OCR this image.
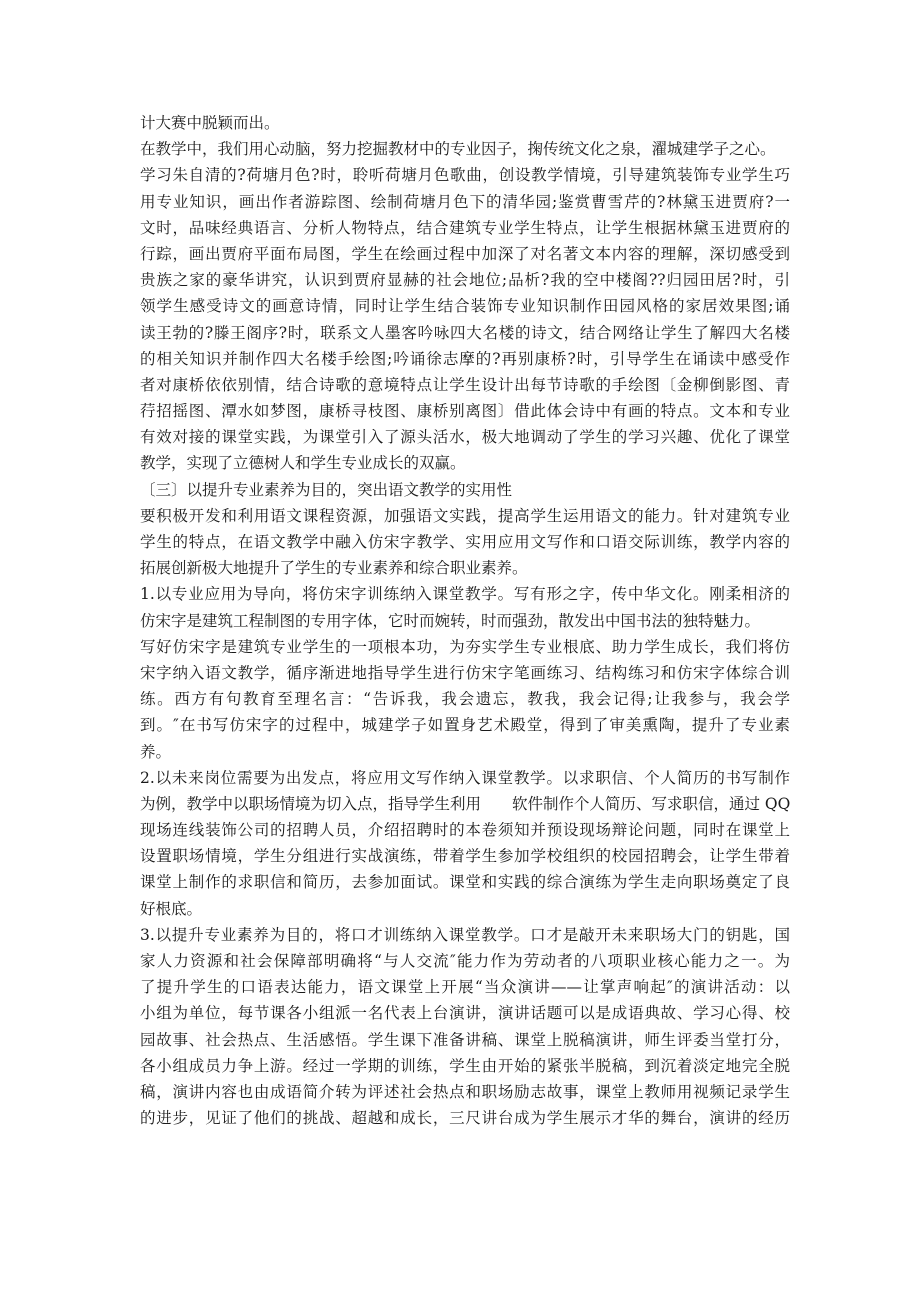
计大赛中脱颖而出。
在教学中，我们用心动脑，努力挖掘教材中的专业因子，掬传统文化之泉，濯城建学子之心。
学习朱自清的?荷塘月色?时，聆听荷塘月色歌曲，创设教学情境，引导建筑装饰专业学生巧
用专业知识，画出作者游踪图、绘制荷塘月色下的清华园;鉴赏曹雪芹的?林黛玉进贾府?一
文时，品味经典语言、分析人物特点，结合建筑专业学生特点，让学生根据林黛玉进贾府的
行踪，画出贾府平面布局图，学生在绘画过程中加深了对名著文本内容的理解，深切感受到
贵族之家的豪华讲究，认识到贾府显赫的社会地位;品析?我的空中楼阁??归园田居?时，引
领学生感受诗文的画意诗情，同时让学生结合装饰专业知识制作田园风格的家居效果图;诵
读王勃的?滕王阁序?时，联系文人墨客吟咏四大名楼的诗文，结合网络让学生了解四大名楼
的相关知识并制作四大名楼手绘图;吟诵徐志摩的?再别康桥?时，引导学生在诵读中感受作
者对康桥依依别情，结合诗歌的意境特点让学生设计出每节诗歌的手绘图〔金柳倒影图、青
荇招摇图、潭水如梦图，康桥寻枝图、康桥别离图〕借此体会诗中有画的特点。文本和专业
有效对接的课堂实践，为课堂引入了源头活水，极大地调动了学生的学习兴趣、优化了课堂
教学，实现了立德树人和学生专业成长的双赢。
〔三〕以提升专业素养为目的，突出语文教学的实用性
要积极开发和利用语文课程资源，加强语文实践，提高学生运用语文的能力。针对建筑专业
学生的特点，在语文教学中融入仿宋字教学、实用应用文写作和口语交际训练，教学内容的
拓展创新极大地提升了学生的专业素养和综合职业素养。
1.以专业应用为导向，将仿宋字训练纳入课堂教学。写有形之字，传中华文化。刚柔相济的
仿宋字是建筑工程制图的专用字体，它时而婉转，时而强劲，散发出中国书法的独特魅力。
写好仿宋字是建筑专业学生的一项根本功，为夯实学生专业根底、助力学生成长，我们将仿
宋字纳入语文教学，循序渐进地指导学生进行仿宋字笔画练习、结构练习和仿宋字体综合训
练。西方有句教育至理名言：“告诉我，我会遗忘，教我，我会记得;让我参与，我会学
到。″在书写仿宋字的过程中，城建学子如置身艺术殿堂，得到了审美熏陶，提升了专业素
养。
2.以未来岗位需要为出发点，将应用文写作纳入课堂教学。以求职信、个人简历的书写制作
为例，教学中以职场情境为切入点，指导学生利用　　软件制作个人简历、写求职信，通过 QQ
现场连线装饰公司的招聘人员，介绍招聘时的本卷须知并预设现场辩论问题，同时在课堂上
设置职场情境，学生分组进行实战演练，带着学生参加学校组织的校园招聘会，让学生带着
课堂上制作的求职信和简历，去参加面试。课堂和实践的综合演练为学生走向职场奠定了良
好根底。
3.以提升专业素养为目的，将口才训练纳入课堂教学。口才是敲开未来职场大门的钥匙，国
家人力资源和社会保障部明确将“与人交流″能力作为劳动者的八项职业核心能力之一。为
了提升学生的口语表达能力，语文课堂上开展“当众演讲——让掌声响起″的演讲活动：以
小组为单位，每节课各小组派一名代表上台演讲，演讲话题可以是成语典故、学习心得、校
园故事、社会热点、生活感悟。学生课下准备讲稿、课堂上脱稿演讲，师生评委当堂打分，
各小组成员力争上游。经过一学期的训练，学生由开始的紧张半脱稿，到沉着淡定地完全脱
稿，演讲内容也由成语简介转为评述社会热点和职场励志故事，课堂上教师用视频记录学生
的进步，见证了他们的挑战、超越和成长，三尺讲台成为学生展示才华的舞台，演讲的经历
